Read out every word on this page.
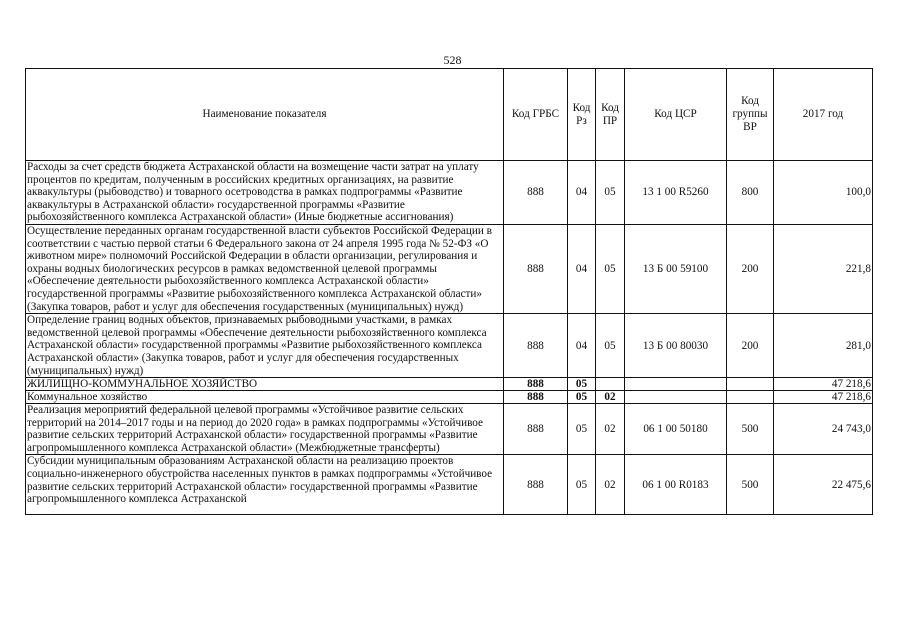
528
Наименование показателя	Код ГРБС	Код Рз	Код ПР	Код ЦСР	Код группы ВР	2017 год
Расходы за счет средств бюджета Астраханской области на возмещение части затрат на уплату процентов по кредитам, полученным в российских кредитных организациях, на развитие аквакультуры (рыбоводство) и товарного осетроводства в рамках подпрограммы «Развитие аквакультуры в Астраханской области» государственной программы «Развитие рыбохозяйственного комплекса Астраханской области» (Иные бюджетные ассигнования)	888	04	05	13 1 00 R5260	800	100,0
Осуществление переданных органам государственной власти субъектов Российской Федерации в соответствии с частью первой статьи 6 Федерального закона от 24 апреля 1995 года № 52-ФЗ «О животном мире» полномочий Российской Федерации в области организации, регулирования и охраны водных биологических ресурсов в рамках ведомственной целевой программы «Обеспечение деятельности рыбохозяйственного комплекса Астраханской области» государственной программы «Развитие рыбохозяйственного комплекса Астраханской области» (Закупка товаров, работ и услуг для обеспечения государственных (муниципальных) нужд)	888	04	05	13 Б 00 59100	200	221,8
Определение границ водных объектов, признаваемых рыбоводными участками, в рамках ведомственной целевой программы «Обеспечение деятельности рыбохозяйственного комплекса Астраханской области» государственной программы «Развитие рыбохозяйственного комплекса Астраханской области» (Закупка товаров, работ и услуг для обеспечения государственных (муниципальных) нужд)	888	04	05	13 Б 00 80030	200	281,0
ЖИЛИЩНО-КОММУНАЛЬНОЕ ХОЗЯЙСТВО	888	05				47 218,6
Коммунальное хозяйство	888	05	02			47 218,6
Реализация мероприятий федеральной целевой программы «Устойчивое развитие сельских территорий на 2014–2017 годы и на период до 2020 года» в рамках подпрограммы «Устойчивое развитие сельских территорий Астраханской области» государственной программы «Развитие агропромышленного комплекса Астраханской области» (Межбюджетные трансферты)	888	05	02	06 1 00 50180	500	24 743,0

Субсидии муниципальным образованиям Астраханской области на реализацию проектов социально-инженерного обустройства населенных пунктов в рамках подпрограммы «Устойчивое развитие сельских территорий Астраханской области» государственной программы «Развитие агропромышленного комплекса Астраханской	888	05	02	06 1 00 R0183	500	22 475,6
